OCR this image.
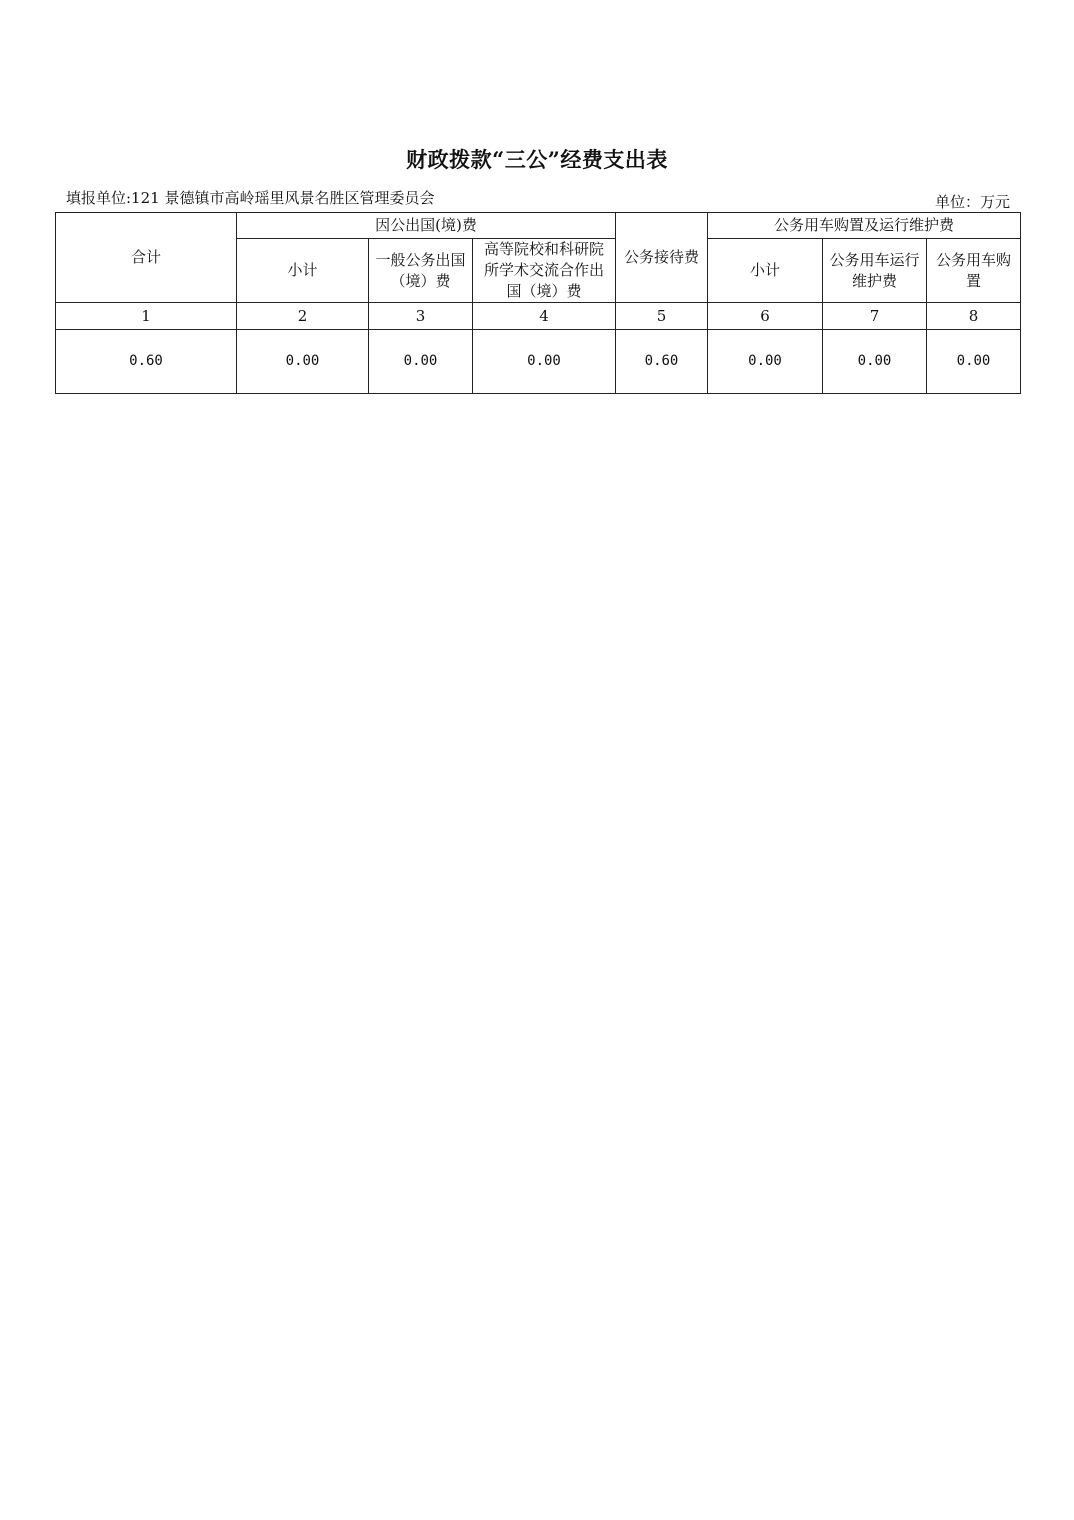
财政拨款“三公”经费支出表
填报单位:121 景德镇市高岭瑶里风景名胜区管理委员会	单位：万元
合计	因公出国(境)费			公务接待费	公务用车购置及运行维护费		
	小计	一般公务出国（境）费	高等院校和科研院所学术交流合作出国（境）费		小计	公务用车运行维护费	公务用车购置
1	2	3	4	5	6	7	8
0.60	0.00	0.00	0.00	0.60	0.00	0.00	0.00
